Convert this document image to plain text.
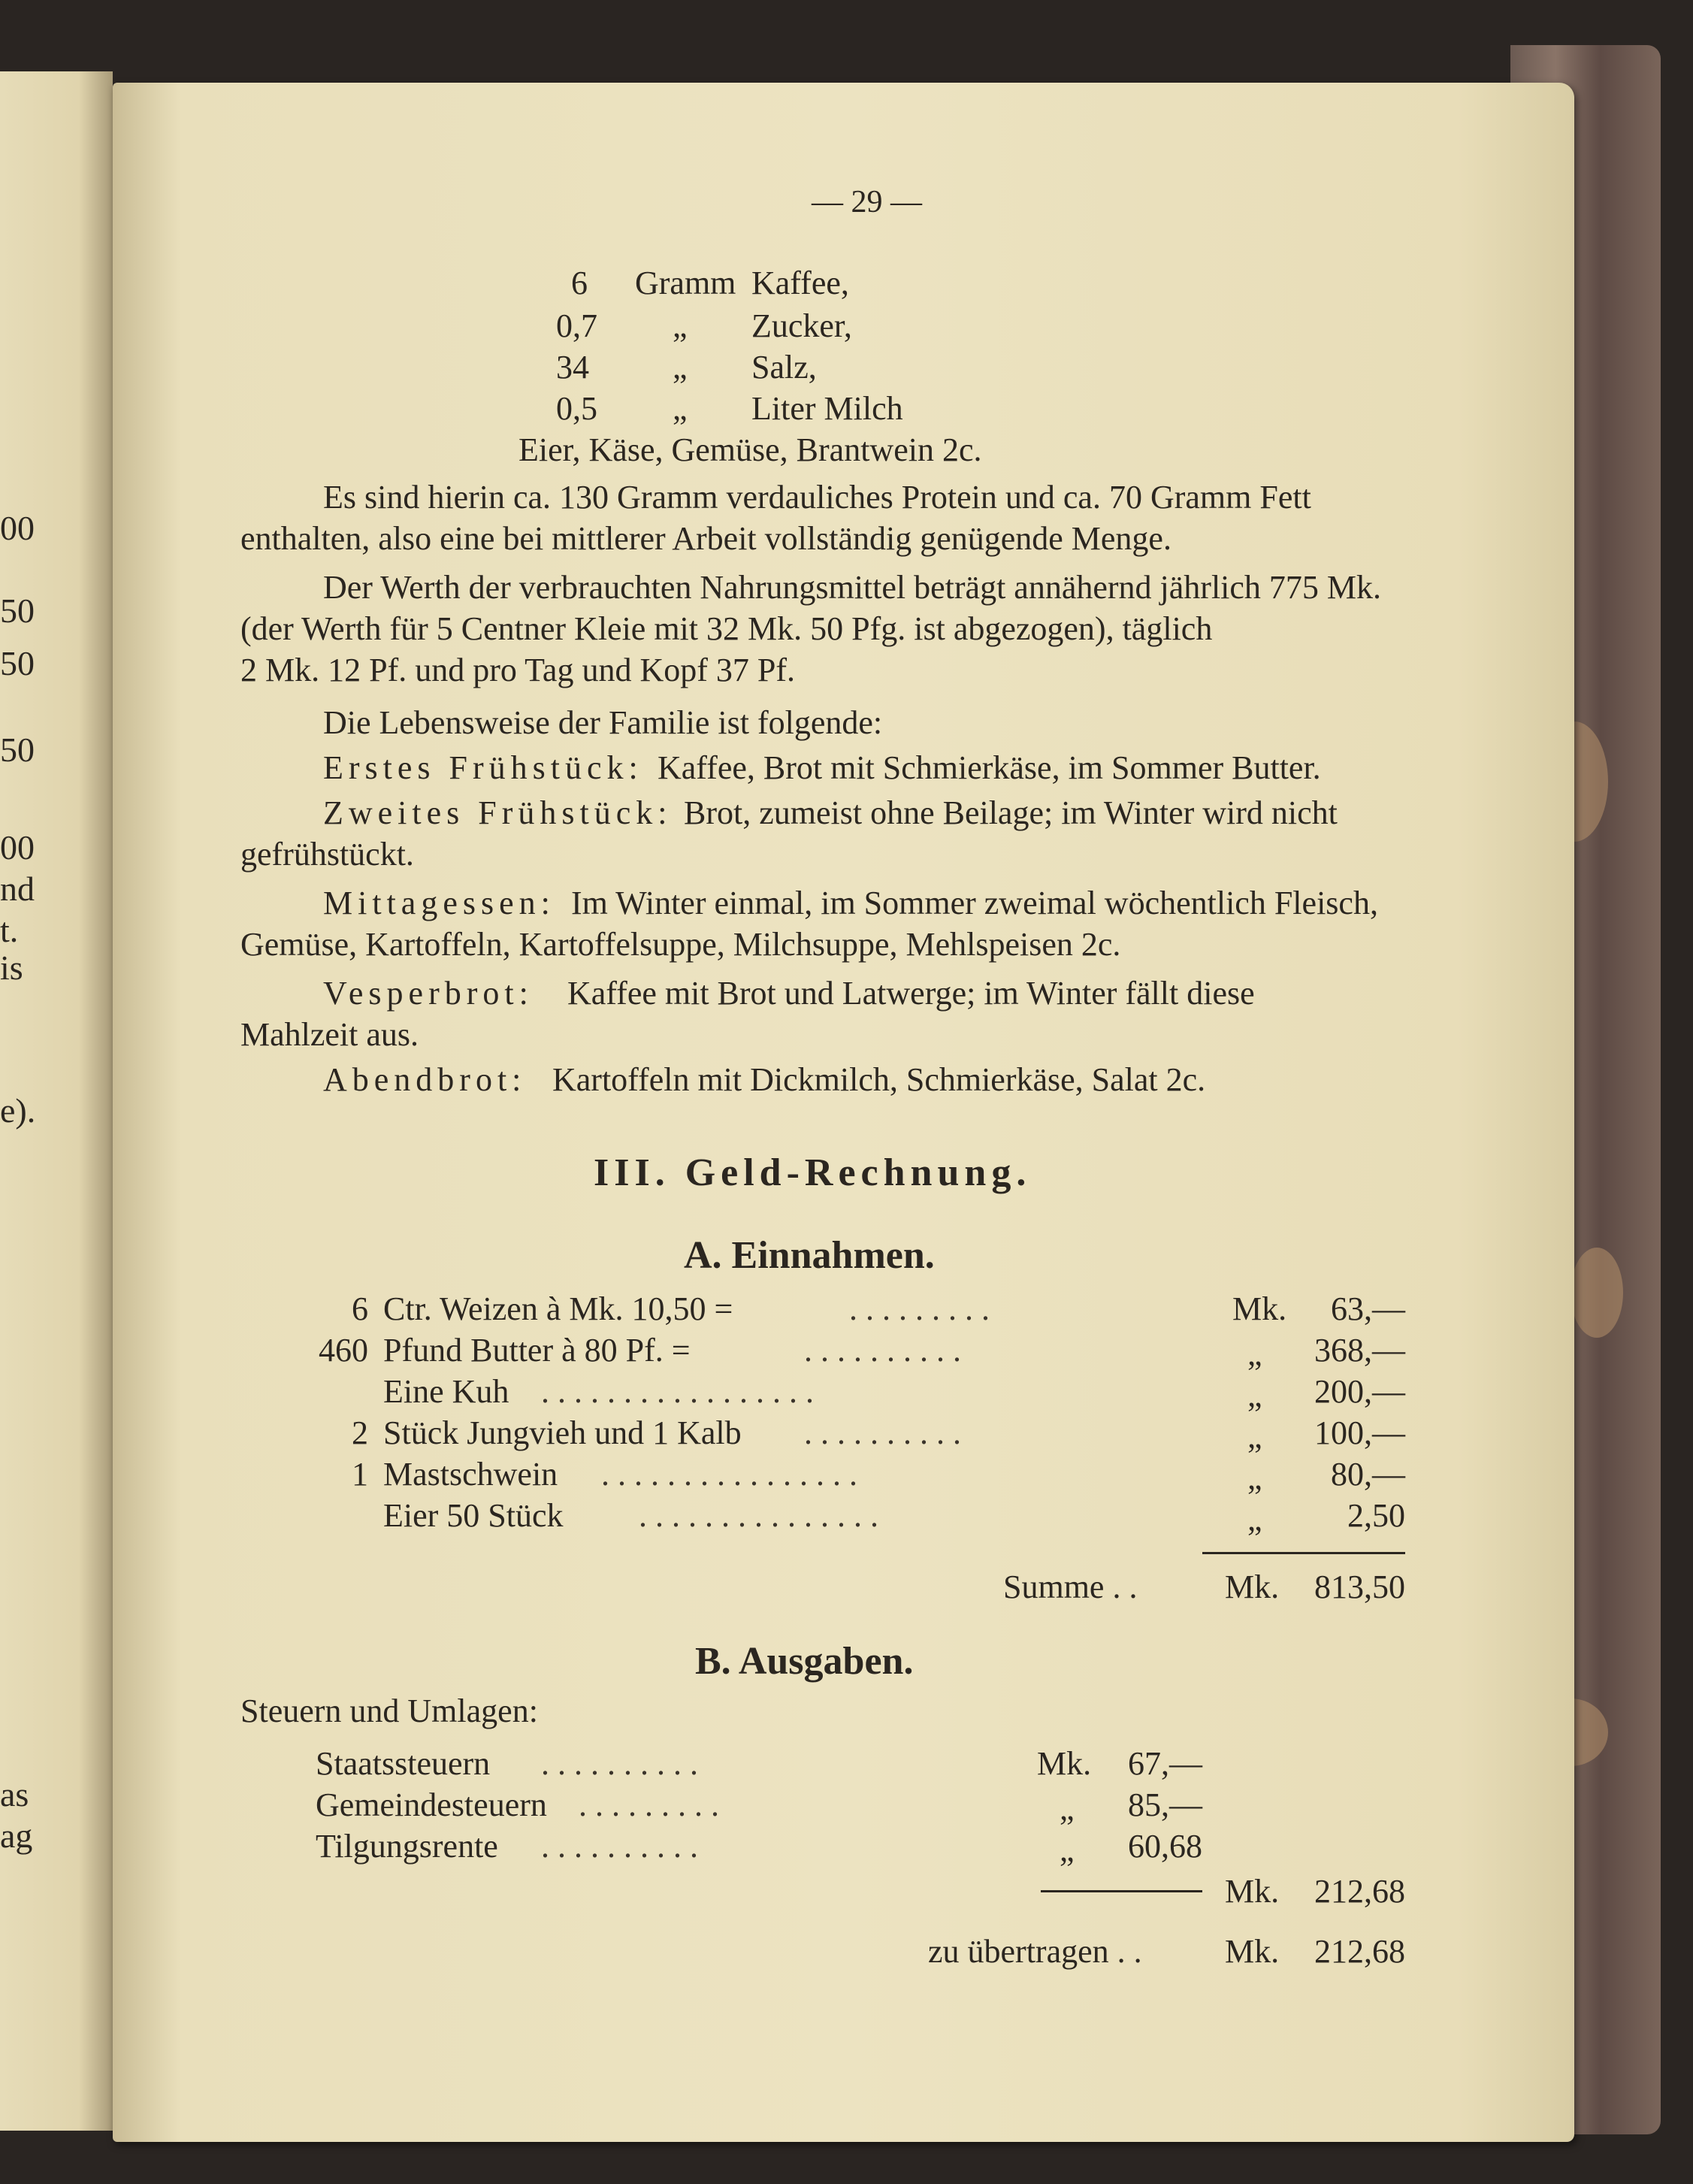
00
50
50
50
00
nd
t.
is
e).
as
ag
— 29 —
6 Gramm Kaffee,
0,7 „ Zucker,
34	„ Salz,
0,5 „ Liter Milch
Eier, Käse, Gemüse, Brantwein 2c.
Es sind hierin ca. 130 Gramm verdauliches Protein und ca. 70 Gramm Fett
enthalten, also eine bei mittlerer Arbeit vollständig genügende Menge.
Der Werth der verbrauchten Nahrungsmittel beträgt annähernd jährlich 775 Mk.
(der Werth für 5 Centner Kleie mit 32 Mk. 50 Pfg. ist abgezogen), täglich
2 Mk. 12 Pf. und pro Tag und Kopf 37 Pf.
Die Lebensweise der Familie ist folgende:
Erstes Frühstück: Kaffee, Brot mit Schmierkäse, im Sommer Butter.
Zweites Frühstück: Brot, zumeist ohne Beilage; im Winter wird nicht
gefrühstückt.
Mittagessen: Im Winter einmal, im Sommer zweimal wöchentlich Fleisch,
Gemüse, Kartoffeln, Kartoffelsuppe, Milchsuppe, Mehlspeisen 2c.
Vesperbrot: Kaffee mit Brot und Latwerge; im Winter fällt diese
Mahlzeit aus.
Abendbrot: Kartoffeln mit Dickmilch, Schmierkäse, Salat 2c.
III. Geld-Rechnung.
A. Einnahmen.
6 Ctr. Weizen à Mk. 10,50 =	.........	Mk.	63,—
460 Pfund Butter à 80 Pf. =	..........	„ 368,—
Eine Kuh .................	„ 200,—
2 Stück Jungvieh und 1 Kalb ..........	„ 100,—
1 Mastschwein ................	„	80,—
Eier 50 Stück ...............	„	2,50
Summe . .	Mk.	813,50
B. Ausgaben.
Steuern und Umlagen:
Staatssteuern ..........	Mk.	67,—
Gemeindesteuern .........	„	85,—
Tilgungsrente ..........	„	60,68
Mk.	212,68
zu übertragen . .	Mk.	212,68
